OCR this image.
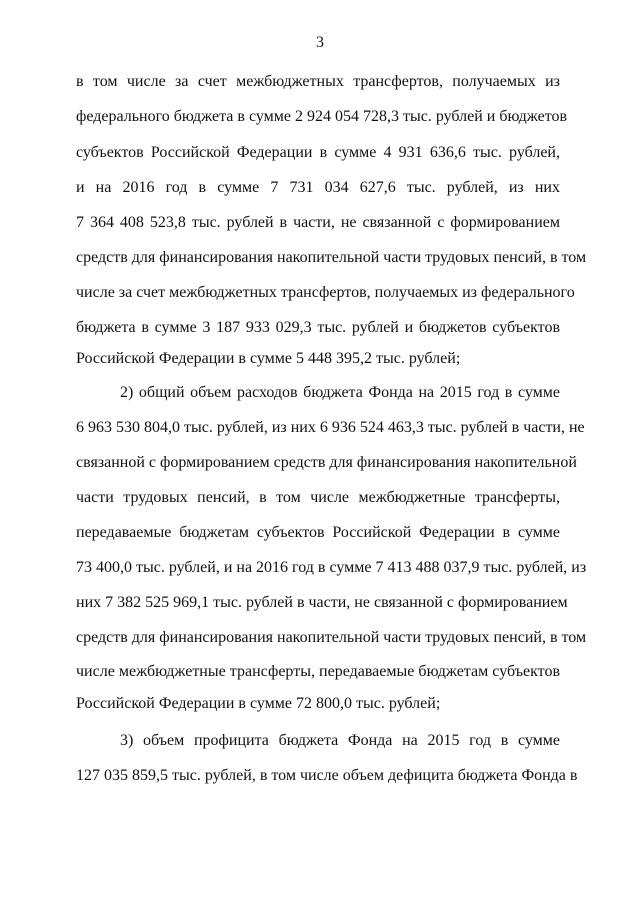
3
в том числе за счет межбюджетных трансфертов, получаемых из
федерального бюджета в сумме 2 924 054 728,3 тыс. рублей и бюджетов
субъектов Российской Федерации в сумме 4 931 636,6 тыс. рублей,
и на 2016 год в сумме 7 731 034 627,6 тыс. рублей, из них
7 364 408 523,8 тыс. рублей в части, не связанной с формированием
средств для финансирования накопительной части трудовых пенсий, в том
числе за счет межбюджетных трансфертов, получаемых из федерального
бюджета в сумме 3 187 933 029,3 тыс. рублей и бюджетов субъектов
Российской Федерации в сумме 5 448 395,2 тыс. рублей;
2) общий объем расходов бюджета Фонда на 2015 год в сумме
6 963 530 804,0 тыс. рублей, из них 6 936 524 463,3 тыс. рублей в части, не
связанной с формированием средств для финансирования накопительной
части трудовых пенсий, в том числе межбюджетные трансферты,
передаваемые бюджетам субъектов Российской Федерации в сумме
73 400,0 тыс. рублей, и на 2016 год в сумме 7 413 488 037,9 тыс. рублей, из
них 7 382 525 969,1 тыс. рублей в части, не связанной с формированием
средств для финансирования накопительной части трудовых пенсий, в том
числе межбюджетные трансферты, передаваемые бюджетам субъектов
Российской Федерации в сумме 72 800,0 тыс. рублей;
3) объем профицита бюджета Фонда на 2015 год в сумме
127 035 859,5 тыс. рублей, в том числе объем дефицита бюджета Фонда в
